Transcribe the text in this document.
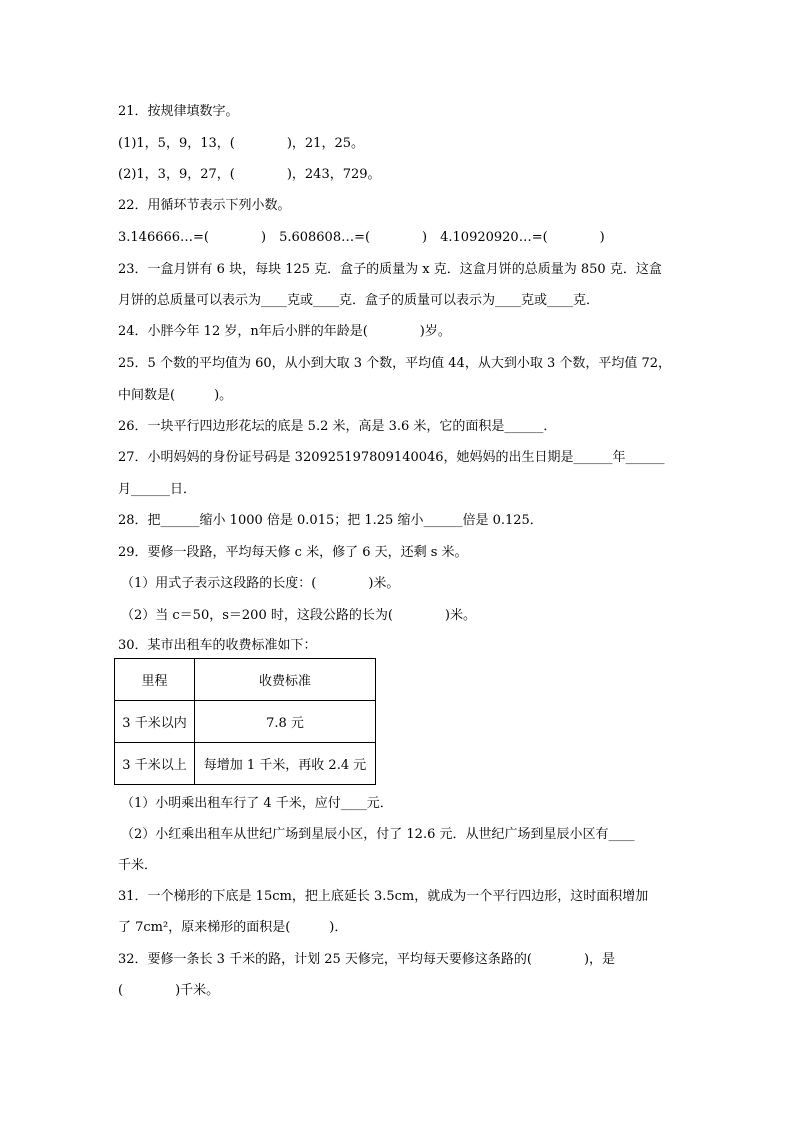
21．按规律填数字。
(1)1，5，9，13，(　　　　)，21，25。
(2)1，3，9，27，(　　　　)，243，729。
22．用循环节表示下列小数。
3.146666…=(　　　　)　5.608608…=(　　　　)　4.10920920…=(　　　　)
23．一盒月饼有 6 块，每块 125 克．盒子的质量为 x 克．这盒月饼的总质量为 850 克．这盒
月饼的总质量可以表示为____克或____克．盒子的质量可以表示为____克或____克．
24．小胖今年 12 岁，n年后小胖的年龄是(　　　　)岁。
25．5 个数的平均值为 60，从小到大取 3 个数，平均值 44，从大到小取 3 个数，平均值 72，
中间数是(　　　)。
26．一块平行四边形花坛的底是 5.2 米，高是 3.6 米，它的面积是______．
27．小明妈妈的身份证号码是 320925197809140046，她妈妈的出生日期是______年______
月______日．
28．把______缩小 1000 倍是 0.015；把 1.25 缩小______倍是 0.125．
29．要修一段路，平均每天修 c 米，修了 6 天，还剩 s 米。
（1）用式子表示这段路的长度：(　　　　)米。
（2）当 c＝50，s＝200 时，这段公路的长为(　　　　)米。
30．某市出租车的收费标准如下：
里程	收费标准
3 千米以内	7.8 元
3 千米以上	每增加 1 千米，再收 2.4 元
（1）小明乘出租车行了 4 千米，应付____元．
（2）小红乘出租车从世纪广场到星辰小区，付了 12.6 元．从世纪广场到星辰小区有____
千米．
31．一个梯形的下底是 15cm，把上底延长 3.5cm，就成为一个平行四边形，这时面积增加
了 7cm²，原来梯形的面积是(　　　)．
32．要修一条长 3 千米的路，计划 25 天修完，平均每天要修这条路的(　　　　)，是
(　　　　)千米。
